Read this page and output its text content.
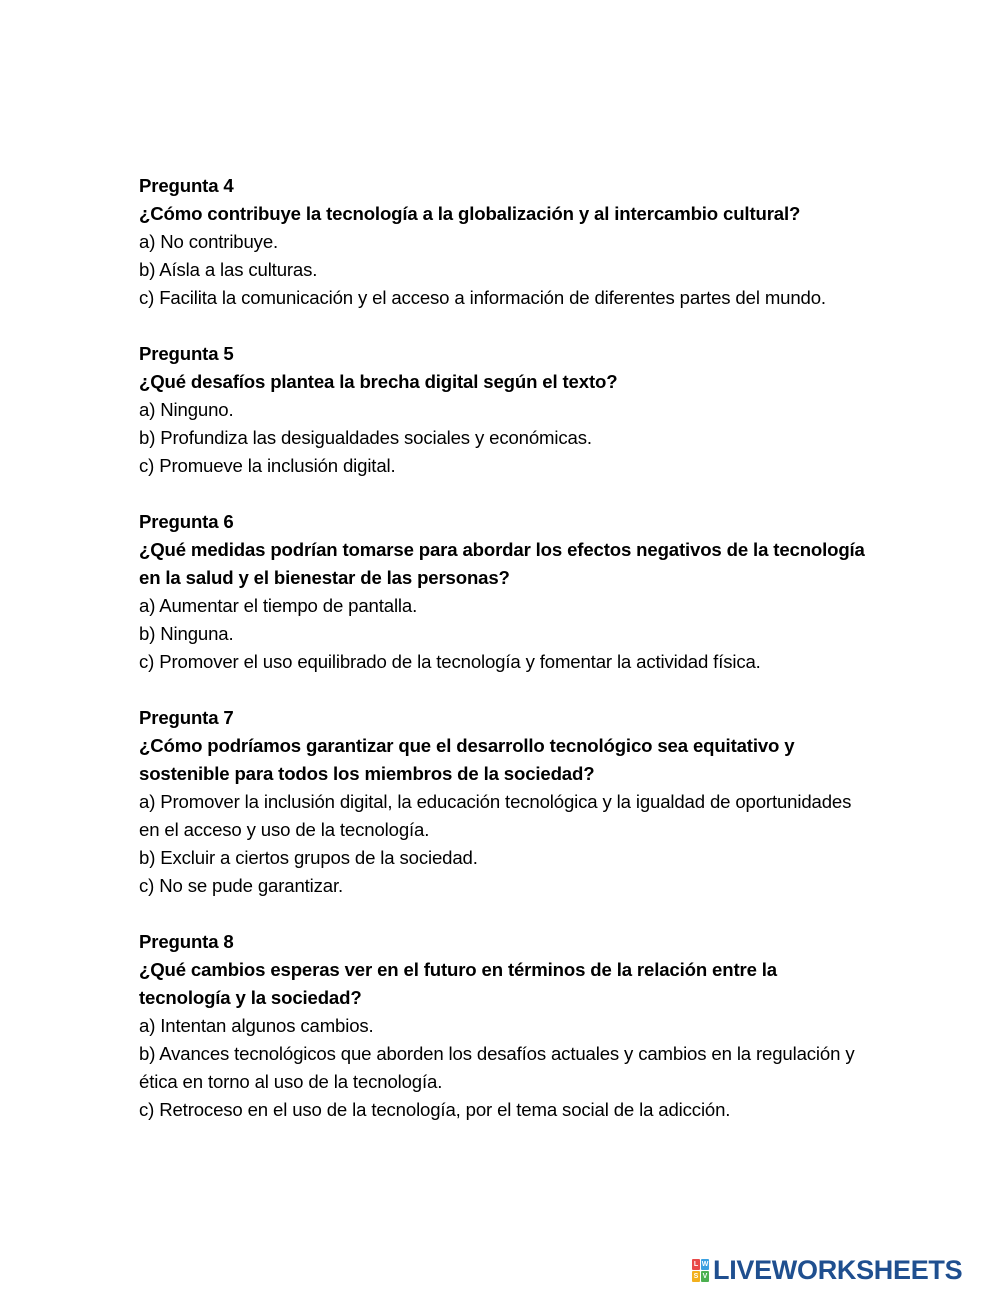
Pregunta 4

¿Cómo contribuye la tecnología a la globalización y al intercambio cultural?

a) No contribuye.

b) Aísla a las culturas.

c) Facilita la comunicación y el acceso a información de diferentes partes del mundo.

Pregunta 5

¿Qué desafíos plantea la brecha digital según el texto?

a) Ninguno.

b) Profundiza las desigualdades sociales y económicas.

c) Promueve la inclusión digital.

Pregunta 6

¿Qué medidas podrían tomarse para abordar los efectos negativos de la tecnología en la salud y el bienestar de las personas?

a) Aumentar el tiempo de pantalla.

b) Ninguna.

c) Promover el uso equilibrado de la tecnología y fomentar la actividad física.

Pregunta 7

¿Cómo podríamos garantizar que el desarrollo tecnológico sea equitativo y sostenible para todos los miembros de la sociedad?

a) Promover la inclusión digital, la educación tecnológica y la igualdad de oportunidades en el acceso y uso de la tecnología.

b) Excluir a ciertos grupos de la sociedad.

c) No se pude garantizar.

Pregunta 8

¿Qué cambios esperas ver en el futuro en términos de la relación entre la tecnología y la sociedad?

a) Intentan algunos cambios.

b) Avances tecnológicos que aborden los desafíos actuales y cambios en la regulación y ética en torno al uso de la tecnología.

c) Retroceso en el uso de la tecnología, por el tema social de la adicción.

L W
S V LIVEWORKSHEETS
